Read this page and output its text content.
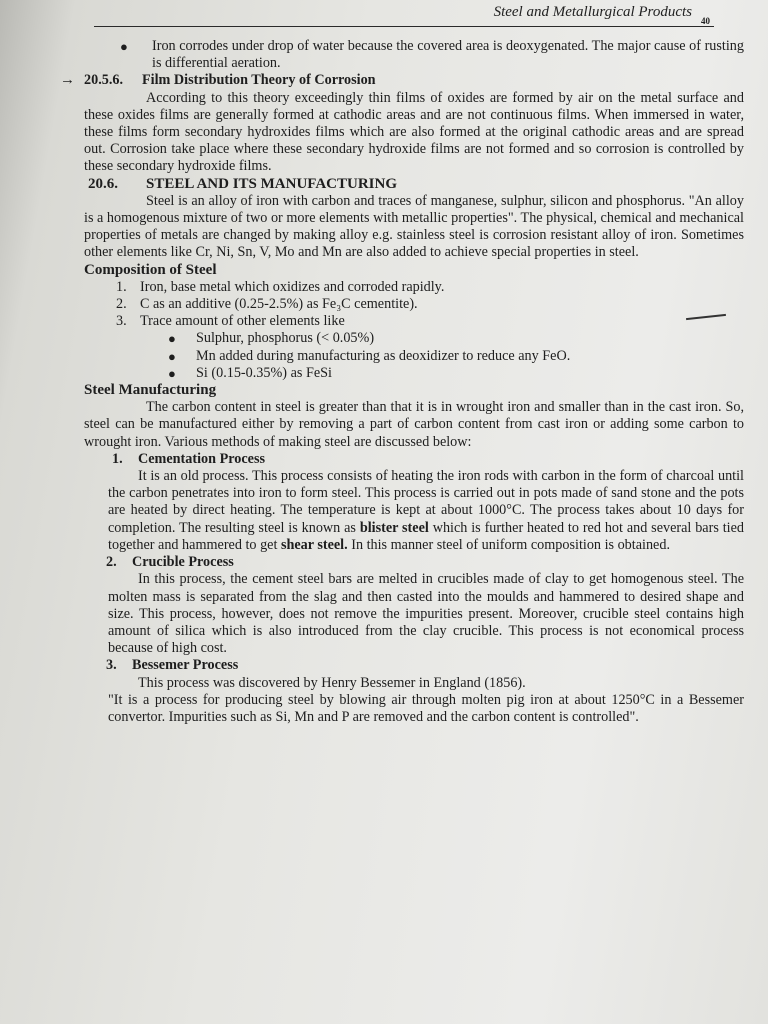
Steel and Metallurgical Products
40
●	Iron corrodes under drop of water because the covered area is deoxygenated. The major cause of rusting is differential aeration.

→ 20.5.6.	Film Distribution Theory of Corrosion

According to this theory exceedingly thin films of oxides are formed by air on the metal surface and these oxides films are generally formed at cathodic areas and are not continuous films. When immersed in water, these films form secondary hydroxides films which are also formed at the original cathodic areas and are spread out. Corrosion take place where these secondary hydroxide films are not formed and so corrosion is controlled by these secondary hydroxide films.

20.6.	STEEL AND ITS MANUFACTURING

Steel is an alloy of iron with carbon and traces of manganese, sulphur, silicon and phosphorus. "An alloy is a homogenous mixture of two or more elements with metallic properties". The physical, chemical and mechanical properties of metals are changed by making alloy e.g. stainless steel is corrosion resistant alloy of iron. Sometimes other elements like Cr, Ni, Sn, V, Mo and Mn are also added to achieve special properties in steel.

Composition of Steel

1. Iron, base metal which oxidizes and corroded rapidly.
2. C as an additive (0.25-2.5%) as Fe₃C cementite).
3. Trace amount of other elements like
●	Sulphur, phosphorus (< 0.05%)
●	Mn added during manufacturing as deoxidizer to reduce any FeO.
●	Si (0.15-0.35%) as FeSi

Steel Manufacturing

The carbon content in steel is greater than that it is in wrought iron and smaller than in the cast iron. So, steel can be manufactured either by removing a part of carbon content from cast iron or adding some carbon to wrought iron. Various methods of making steel are discussed below:

1.	Cementation Process

It is an old process. This process consists of heating the iron rods with carbon in the form of charcoal until the carbon penetrates into iron to form steel. This process is carried out in pots made of sand stone and the pots are heated by direct heating. The temperature is kept at about 1000°C. The process takes about 10 days for completion. The resulting steel is known as blister steel which is further heated to red hot and several bars tied together and hammered to get shear steel. In this manner steel of uniform composition is obtained.

2.	Crucible Process

In this process, the cement steel bars are melted in crucibles made of clay to get homogenous steel. The molten mass is separated from the slag and then casted into the moulds and hammered to desired shape and size. This process, however, does not remove the impurities present. Moreover, crucible steel contains high amount of silica which is also introduced from the clay crucible. This process is not economical process because of high cost.

3.	Bessemer Process

This process was discovered by Henry Bessemer in England (1856).

"It is a process for producing steel by blowing air through molten pig iron at about 1250°C in a Bessemer convertor. Impurities such as Si, Mn and P are removed and the carbon content is controlled".
